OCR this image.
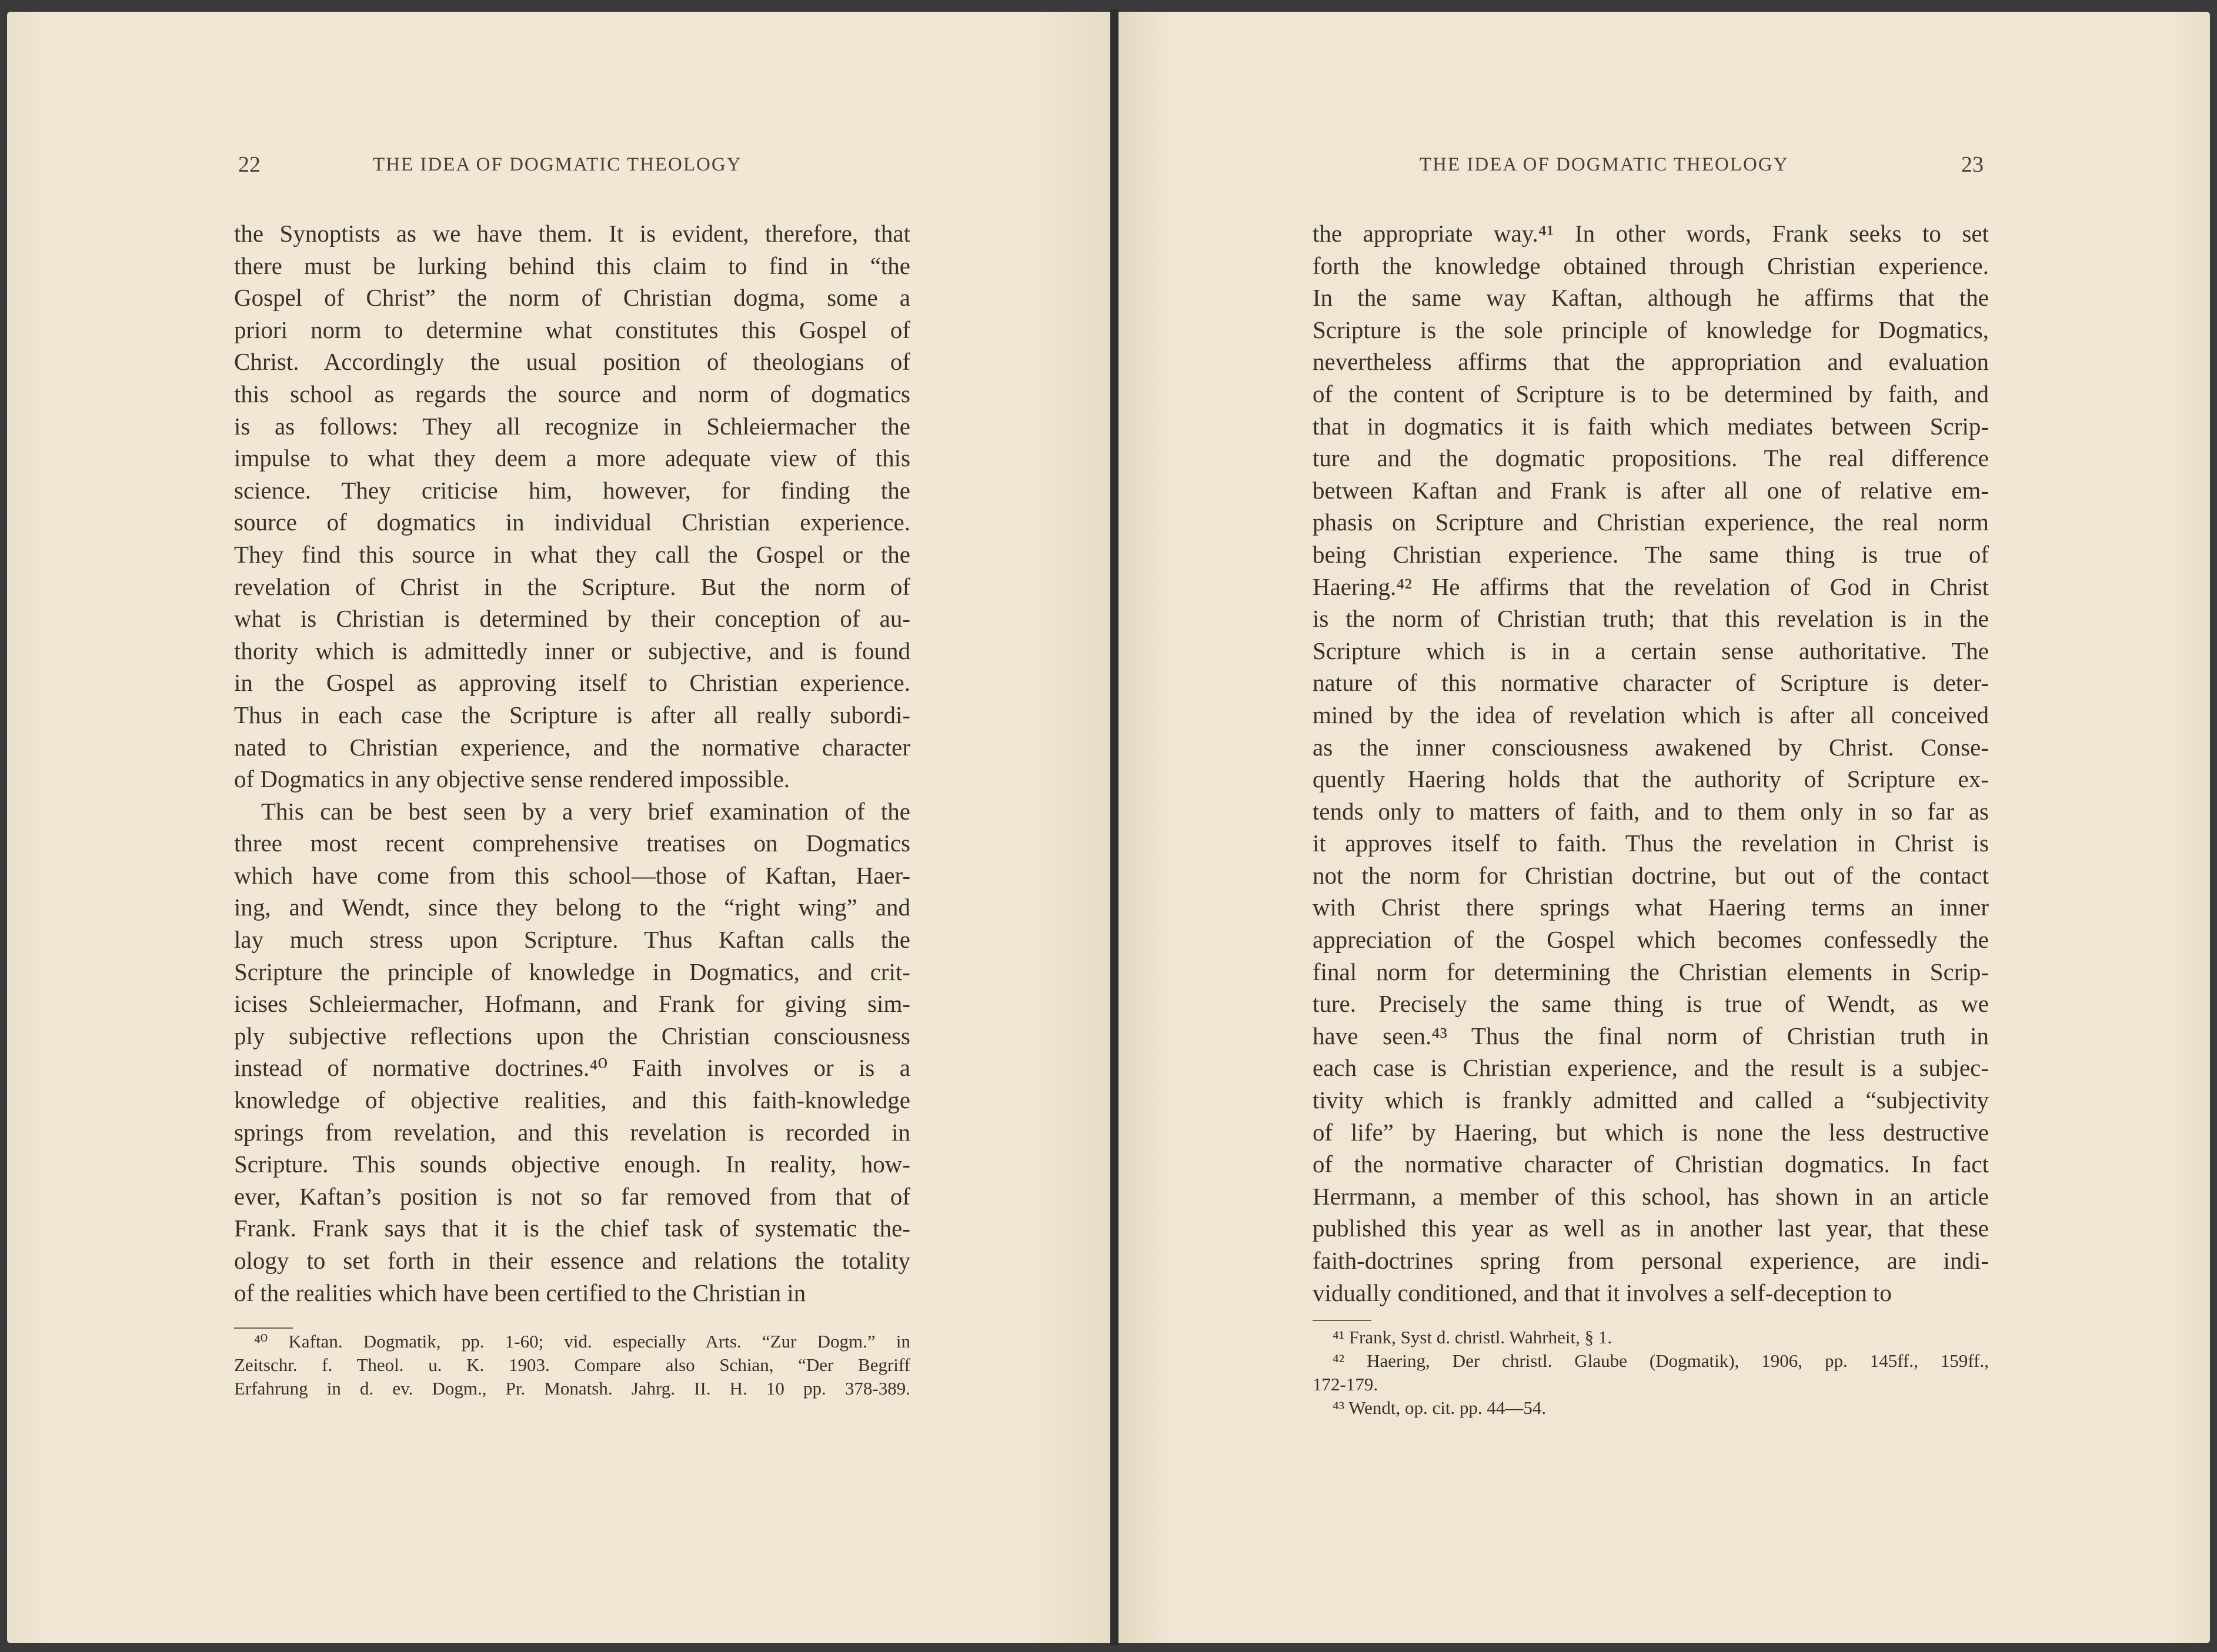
22	THE IDEA OF DOGMATIC THEOLOGY	THE IDEA OF DOGMATIC THEOLOGY	23
the Synoptists as we have them. It is evident, therefore, that
there must be lurking behind this claim to find in “the
Gospel of Christ” the norm of Christian dogma, some a
priori norm to determine what constitutes this Gospel of
Christ. Accordingly the usual position of theologians of
this school as regards the source and norm of dogmatics
is as follows: They all recognize in Schleiermacher the
impulse to what they deem a more adequate view of this
science. They criticise him, however, for finding the
source of dogmatics in individual Christian experience.
They find this source in what they call the Gospel or the
revelation of Christ in the Scripture. But the norm of
what is Christian is determined by their conception of au-
thority which is admittedly inner or subjective, and is found
in the Gospel as approving itself to Christian experience.
Thus in each case the Scripture is after all really subordi-
nated to Christian experience, and the normative character
of Dogmatics in any objective sense rendered impossible.
This can be best seen by a very brief examination of the
three most recent comprehensive treatises on Dogmatics
which have come from this school—those of Kaftan, Haer-
ing, and Wendt, since they belong to the “right wing” and
lay much stress upon Scripture. Thus Kaftan calls the
Scripture the principle of knowledge in Dogmatics, and crit-
icises Schleiermacher, Hofmann, and Frank for giving sim-
ply subjective reflections upon the Christian consciousness
instead of normative doctrines.⁴⁰ Faith involves or is a
knowledge of objective realities, and this faith-knowledge
springs from revelation, and this revelation is recorded in
Scripture. This sounds objective enough. In reality, how-
ever, Kaftan’s position is not so far removed from that of
Frank. Frank says that it is the chief task of systematic the-
ology to set forth in their essence and relations the totality
of the realities which have been certified to the Christian in
⁴⁰ Kaftan. Dogmatik, pp. 1-60; vid. especially Arts. “Zur Dogm.” in
Zeitschr. f. Theol. u. K. 1903. Compare also Schian, “Der Begriff
Erfahrung in d. ev. Dogm., Pr. Monatsh. Jahrg. II. H. 10 pp. 378-389.
the appropriate way.⁴¹ In other words, Frank seeks to set
forth the knowledge obtained through Christian experience.
In the same way Kaftan, although he affirms that the
Scripture is the sole principle of knowledge for Dogmatics,
nevertheless affirms that the appropriation and evaluation
of the content of Scripture is to be determined by faith, and
that in dogmatics it is faith which mediates between Scrip-
ture and the dogmatic propositions. The real difference
between Kaftan and Frank is after all one of relative em-
phasis on Scripture and Christian experience, the real norm
being Christian experience. The same thing is true of
Haering.⁴² He affirms that the revelation of God in Christ
is the norm of Christian truth; that this revelation is in the
Scripture which is in a certain sense authoritative. The
nature of this normative character of Scripture is deter-
mined by the idea of revelation which is after all conceived
as the inner consciousness awakened by Christ. Conse-
quently Haering holds that the authority of Scripture ex-
tends only to matters of faith, and to them only in so far as
it approves itself to faith. Thus the revelation in Christ is
not the norm for Christian doctrine, but out of the contact
with Christ there springs what Haering terms an inner
appreciation of the Gospel which becomes confessedly the
final norm for determining the Christian elements in Scrip-
ture. Precisely the same thing is true of Wendt, as we
have seen.⁴³ Thus the final norm of Christian truth in
each case is Christian experience, and the result is a subjec-
tivity which is frankly admitted and called a “subjectivity
of life” by Haering, but which is none the less destructive
of the normative character of Christian dogmatics. In fact
Herrmann, a member of this school, has shown in an article
published this year as well as in another last year, that these
faith-doctrines spring from personal experience, are indi-
vidually conditioned, and that it involves a self-deception to
⁴¹ Frank, Syst d. christl. Wahrheit, § 1.
⁴² Haering, Der christl. Glaube (Dogmatik), 1906, pp. 145ff., 159ff.,
172-179.
⁴³ Wendt, op. cit. pp. 44—54.
